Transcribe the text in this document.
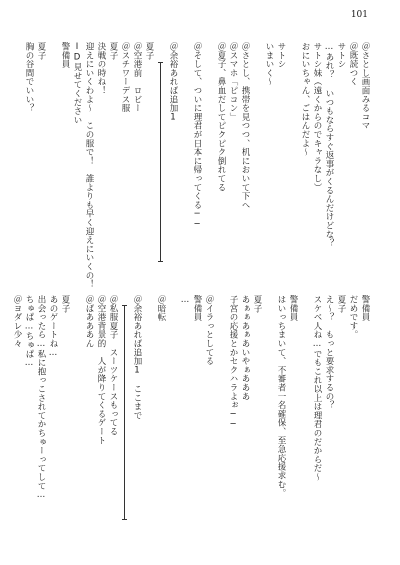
101
＠さとし画面みるコマ
＠既読つく
サトシ
…あれ？ いつもならすぐ返事がくるんだけどな？
サトシ妹（遠くからのでキャラなし）
おにいちゃん、ごはんだよ〜
サトシ
いまいく〜
＠さとし、携帯を見つつ、机において下へ
＠スマホ「ピコン」
＠夏子、鼻血だしてピクピク倒れてる
＠そして、ついに理君が日本に帰ってくる──
＠余裕あれば追加1
夏子
＠空港前　ロビー
＠スチワーデス服
夏子
決戦の時ね！
迎えにいくわよ〜　この服で！　誰よりも早く迎えにいくの！
ID見せてください
警備員
夏子
胸の谷間でいい？
警備員
だめです。
夏子
え〜？　もっと要求するの？
スケベ人ね…でもこれ以上は理君のだからだ〜
警備員
はいっちまいて、不審者一名確保、至急応援求む。
夏子
あぁぁあぁあいやぁあああ
子宮の応援とかセクハラよぉ──
＠イラっとしてる
警備員
…
＠暗転
＠余裕あれば追加1　ここまで
＠私服夏子　スーツケースもってる
＠空港背景的　人が降りてくるゲート
＠ばあああん
夏子
あのゲートね…
出会ったら…私に抱っこされてかちゅーってして…
ちゅぱ…ちゅぱ…
＠ヨダレ少々
